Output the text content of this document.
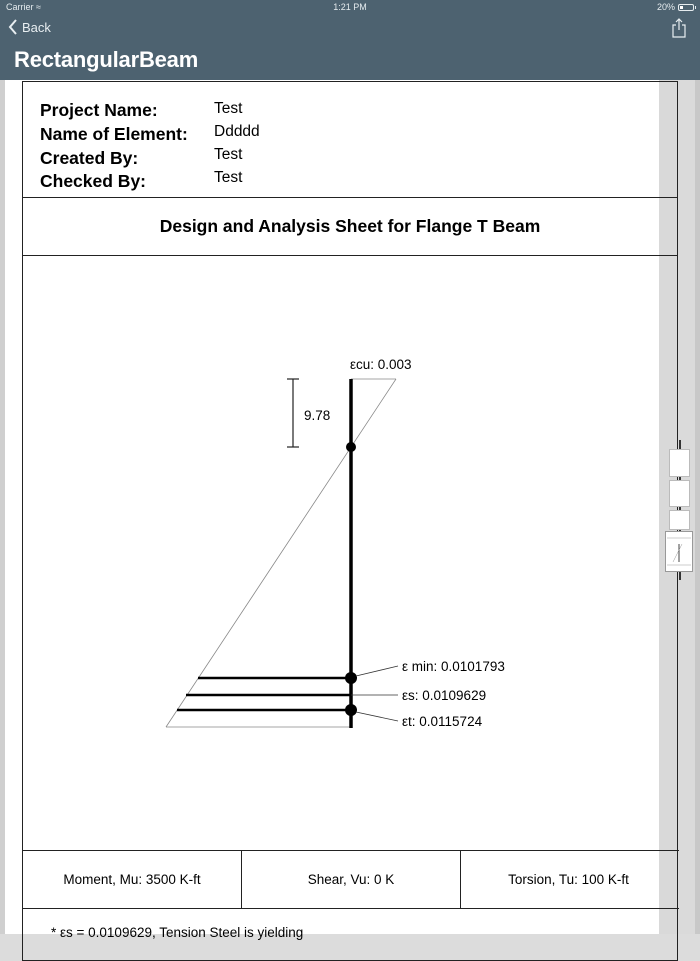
Carrier ≈	1:21 PM	20%
Back
RectangularBeam
Project Name:	Test
Name of Element: Ddddd
Created By:	Test
Checked By:	Test
Design and Analysis Sheet for Flange T Beam
εcu: 0.003
9.78
ε min: 0.0101793
εs: 0.0109629
εt: 0.0115724
Moment, Mu: 3500 K-ft	Shear, Vu: 0 K	Torsion, Tu: 100 K-ft
* εs = 0.0109629, Tension Steel is yielding
